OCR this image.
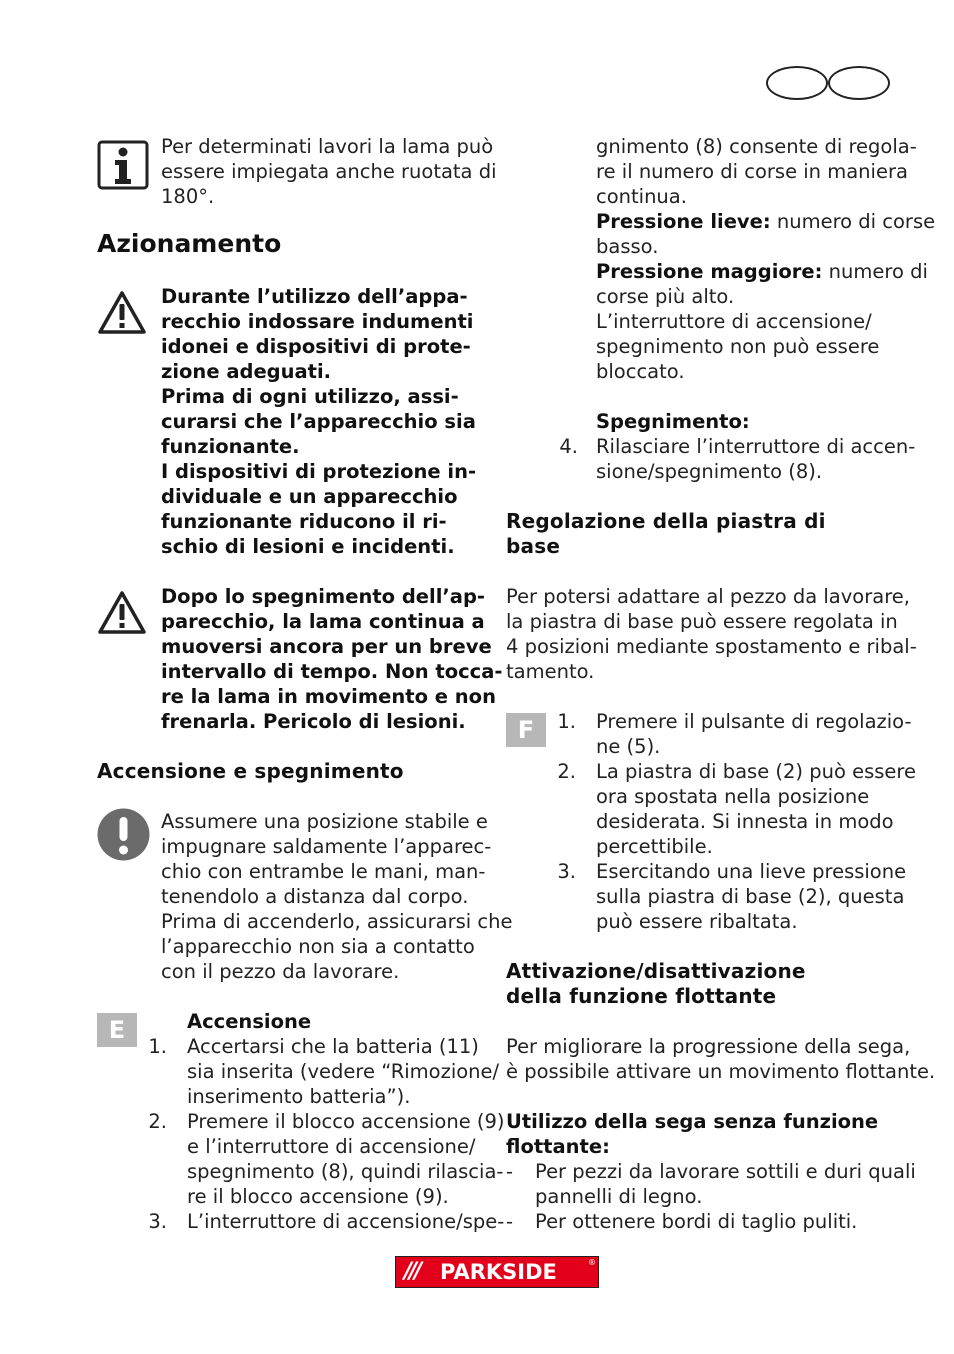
Per determinati lavori la lama può
essere impiegata anche ruotata di
180°.
Azionamento
Durante l’utilizzo dell’appa-
recchio indossare indumenti
idonei e dispositivi di prote-
zione adeguati.
Prima di ogni utilizzo, assi-
curarsi che l’apparecchio sia
funzionante.
I dispositivi di protezione in-
dividuale e un apparecchio
funzionante riducono il ri-
schio di lesioni e incidenti.
Dopo lo spegnimento dell’ap-
parecchio, la lama continua a
muoversi ancora per un breve
intervallo di tempo. Non tocca-
re la lama in movimento e non
frenarla. Pericolo di lesioni.
Accensione e spegnimento
Assumere una posizione stabile e
impugnare saldamente l’apparec-
chio con entrambe le mani, man-
tenendolo a distanza dal corpo.
Prima di accenderlo, assicurarsi che
l’apparecchio non sia a contatto
con il pezzo da lavorare.
E	Accensione
1. Accertarsi che la batteria (11)
sia inserita (vedere “Rimozione/
inserimento batteria”).
2. Premere il blocco accensione (9)
e l’interruttore di accensione/
spegnimento (8), quindi rilascia-
re il blocco accensione (9).
3. L’interruttore di accensione/spe-
gnimento (8) consente di regola-
re il numero di corse in maniera
continua.
Pressione lieve: numero di corse
basso.
Pressione maggiore: numero di
corse più alto.
L’interruttore di accensione/
spegnimento non può essere
bloccato.
Spegnimento:
4. Rilasciare l’interruttore di accen-
sione/spegnimento (8).
Regolazione della piastra di
base
Per potersi adattare al pezzo da lavorare,
la piastra di base può essere regolata in
4 posizioni mediante spostamento e ribal-
tamento.
F	1. Premere il pulsante di regolazio-
ne (5).
2. La piastra di base (2) può essere
ora spostata nella posizione
desiderata. Si innesta in modo
percettibile.
3. Esercitando una lieve pressione
sulla piastra di base (2), questa
può essere ribaltata.
Attivazione/disattivazione
della funzione flottante
Per migliorare la progressione della sega,
è possibile attivare un movimento flottante.
Utilizzo della sega senza funzione
flottante:
- Per pezzi da lavorare sottili e duri quali
pannelli di legno.
- Per ottenere bordi di taglio puliti.
/// PARKSIDE	®
